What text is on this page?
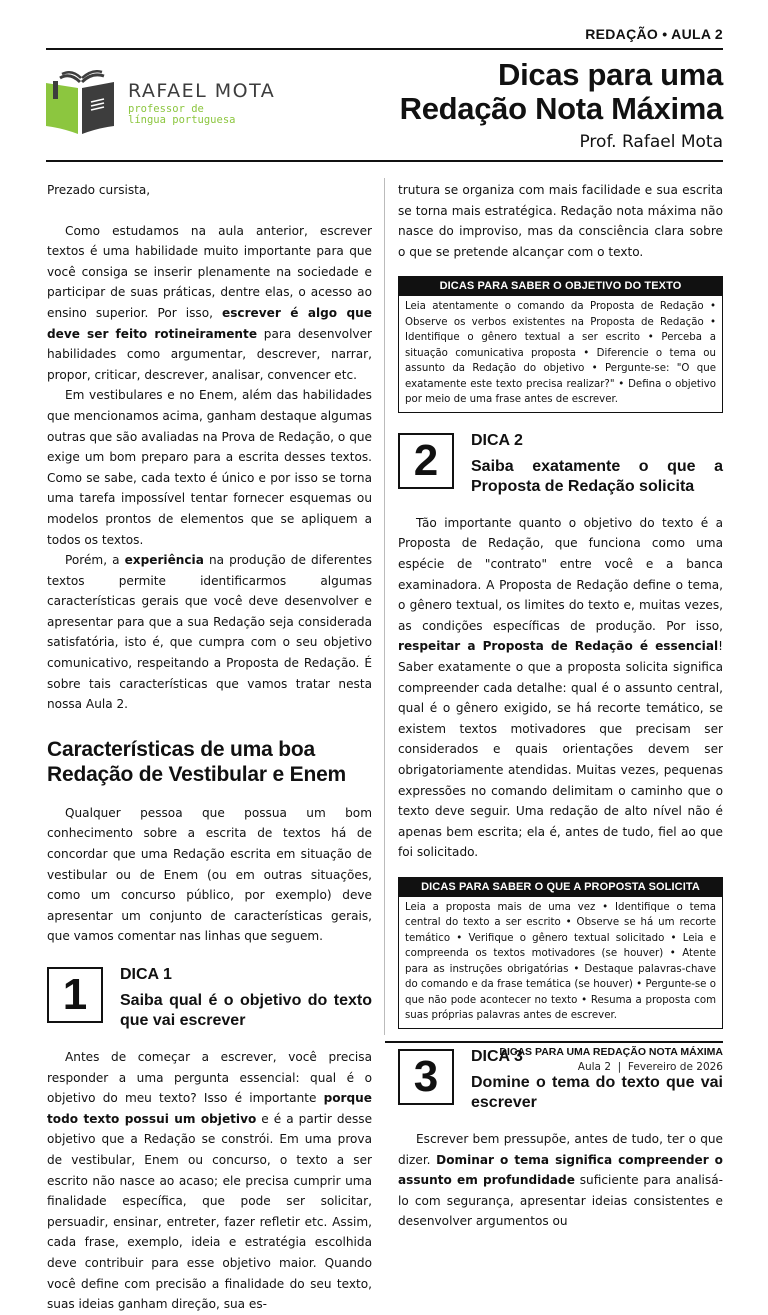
REDAÇÃO • AULA 2
RAFAEL MOTA
professor de
língua portuguesa
Dicas para uma
Redação Nota Máxima
Prof. Rafael Mota

Prezado cursista,

Como estudamos na aula anterior, escrever textos é uma habilidade muito importante para que você consiga se inserir plenamente na sociedade e participar de suas práticas, dentre elas, o acesso ao ensino superior. Por isso, escrever é algo que deve ser feito rotineiramente para desenvolver habilidades como argumentar, descrever, narrar, propor, criticar, descrever, analisar, convencer etc.

Em vestibulares e no Enem, além das habilidades que mencionamos acima, ganham destaque algumas outras que são avaliadas na Prova de Redação, o que exige um bom preparo para a escrita desses textos. Como se sabe, cada texto é único e por isso se torna uma tarefa impossível tentar fornecer esquemas ou modelos prontos de elementos que se apliquem a todos os textos.

Porém, a experiência na produção de diferentes textos permite identificarmos algumas características gerais que você deve desenvolver e apresentar para que a sua Redação seja considerada satisfatória, isto é, que cumpra com o seu objetivo comunicativo, respeitando a Proposta de Redação. É sobre tais características que vamos tratar nesta nossa Aula 2.

Características de uma boa Redação de Vestibular e Enem

Qualquer pessoa que possua um bom conhecimento sobre a escrita de textos há de concordar que uma Redação escrita em situação de vestibular ou de Enem (ou em outras situações, como um concurso público, por exemplo) deve apresentar um conjunto de características gerais, que vamos comentar nas linhas que seguem.

1	DICA 1
Saiba qual é o objetivo do texto que vai escrever

Antes de começar a escrever, você precisa responder a uma pergunta essencial: qual é o objetivo do meu texto? Isso é importante porque todo texto possui um objetivo e é a partir desse objetivo que a Redação se constrói. Em uma prova de vestibular, Enem ou concurso, o texto a ser escrito não nasce ao acaso; ele precisa cumprir uma finalidade específica, que pode ser solicitar, persuadir, ensinar, entreter, fazer refletir etc. Assim, cada frase, exemplo, ideia e estratégia escolhida deve contribuir para esse objetivo maior. Quando você define com precisão a finalidade do seu texto, suas ideias ganham direção, sua es-

trutura se organiza com mais facilidade e sua escrita se torna mais estratégica. Redação nota máxima não nasce do improviso, mas da consciência clara sobre o que se pretende alcançar com o texto.

DICAS PARA SABER O OBJETIVO DO TEXTO
Leia atentamente o comando da Proposta de Redação • Observe os verbos existentes na Proposta de Redação • Identifique o gênero textual a ser escrito • Perceba a situação comunicativa proposta • Diferencie o tema ou assunto da Redação do objetivo • Pergunte-se: "O que exatamente este texto precisa realizar?" • Defina o objetivo por meio de uma frase antes de escrever.
2	DICA 2
Saiba exatamente o que a Proposta de Redação solicita

Tão importante quanto o objetivo do texto é a Proposta de Redação, que funciona como uma espécie de "contrato" entre você e a banca examinadora. A Proposta de Redação define o tema, o gênero textual, os limites do texto e, muitas vezes, as condições específicas de produção. Por isso, respeitar a Proposta de Redação é essencial! Saber exatamente o que a proposta solicita significa compreender cada detalhe: qual é o assunto central, qual é o gênero exigido, se há recorte temático, se existem textos motivadores que precisam ser considerados e quais orientações devem ser obrigatoriamente atendidas. Muitas vezes, pequenas expressões no comando delimitam o caminho que o texto deve seguir. Uma redação de alto nível não é apenas bem escrita; ela é, antes de tudo, fiel ao que foi solicitado.

DICAS PARA SABER O QUE A PROPOSTA SOLICITA
Leia a proposta mais de uma vez • Identifique o tema central do texto a ser escrito • Observe se há um recorte temático • Verifique o gênero textual solicitado • Leia e compreenda os textos motivadores (se houver) • Atente para as instruções obrigatórias • Destaque palavras-chave do comando e da frase temática (se houver) • Pergunte-se o que não pode acontecer no texto • Resuma a proposta com suas próprias palavras antes de escrever.
3	DICA 3
Domine o tema do texto que vai escrever

Escrever bem pressupõe, antes de tudo, ter o que dizer. Dominar o tema significa compreender o assunto em profundidade suficiente para analisá-lo com segurança, apresentar ideias consistentes e desenvolver argumentos ou

DICAS PARA UMA REDAÇÃO NOTA MÁXIMA
Aula 2  |  Fevereiro de 2026
